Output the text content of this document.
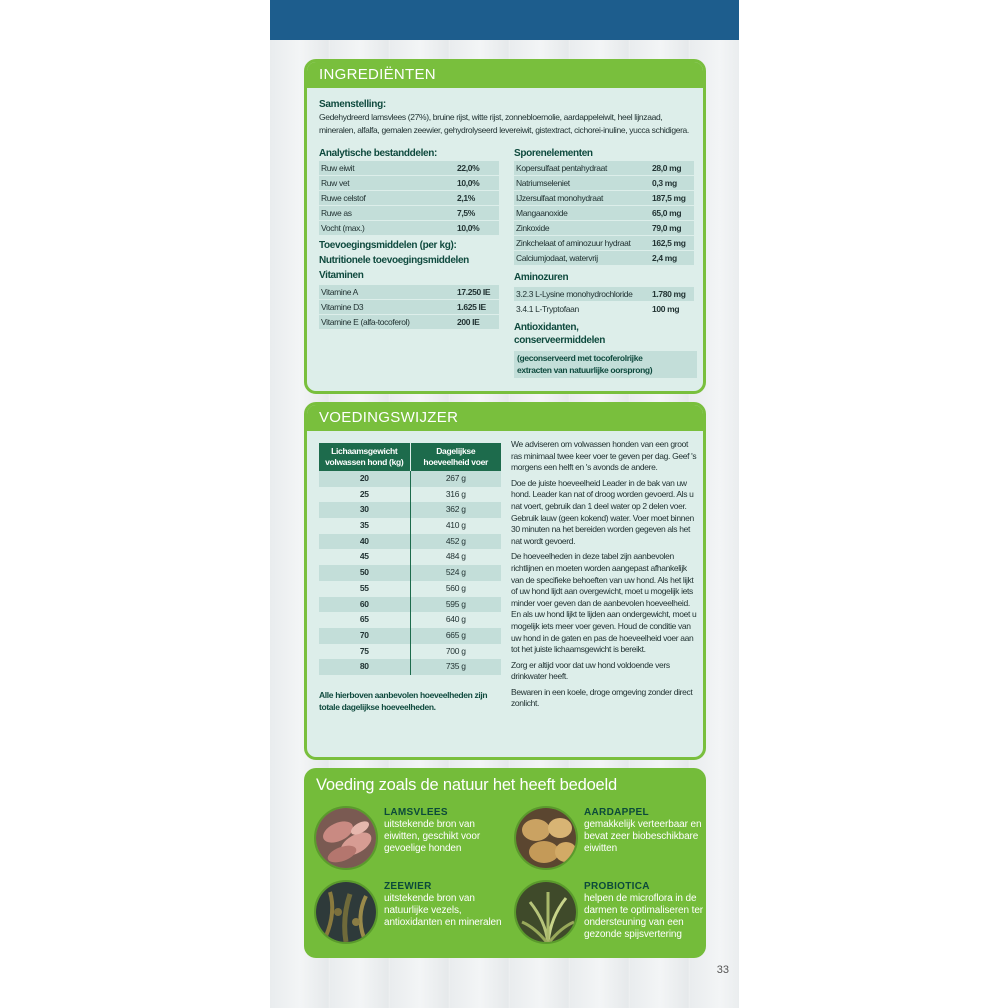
INGREDIËNTEN
Samenstelling:
Gedehydreerd lamsvlees (27%), bruine rijst, witte rijst, zonnebloemolie, aardappeleiwit, heel lijnzaad, mineralen, alfalfa, gemalen zeewier, gehydrolyseerd levereiwit, gistextract, cichorei-inuline, yucca schidigera.
Analytische bestanddelen:
Ruw eiwit	22,0%
Ruw vet	10,0%
Ruwe celstof	2,1%
Ruwe as	7,5%
Vocht (max.)	10,0%
Toevoegingsmiddelen (per kg):
Nutritionele toevoegingsmiddelen
Vitaminen
Vitamine A	17.250 IE
Vitamine D3	1.625 IE
Vitamine E (alfa-tocoferol)	200 IE
Sporenelementen
Kopersulfaat pentahydraat	28,0 mg
Natriumseleniet	0,3 mg
IJzersulfaat monohydraat	187,5 mg
Mangaanoxide	65,0 mg
Zinkoxide	79,0 mg
Zinkchelaat of aminozuur hydraat	162,5 mg
Calciumjodaat, watervrij	2,4 mg
Aminozuren
3.2.3 L-Lysine monohydrochloride	1.780 mg
3.4.1 L-Tryptofaan	100 mg
Antioxidanten,
conserveermiddelen
(geconserveerd met tocoferolrijke
extracten van natuurlijke oorsprong)
VOEDINGSWIJZER
Lichaamsgewicht
volwassen hond (kg)
Dagelijkse
hoeveelheid voer
20	267 g
25	316 g
30	362 g
35	410 g
40	452 g
45	484 g
50	524 g
55	560 g
60	595 g
65	640 g
70	665 g
75	700 g
80	735 g
Alle hierboven aanbevolen hoeveelheden zijn totale dagelijkse hoeveelheden.

We adviseren om volwassen honden van een groot ras minimaal twee keer voer te geven per dag. Geef 's morgens een helft en 's avonds de andere.

Doe de juiste hoeveelheid Leader in de bak van uw hond. Leader kan nat of droog worden gevoerd. Als u nat voert, gebruik dan 1 deel water op 2 delen voer. Gebruik lauw (geen kokend) water. Voer moet binnen 30 minuten na het bereiden worden gegeven als het nat wordt gevoerd.

De hoeveelheden in deze tabel zijn aanbevolen richtlijnen en moeten worden aangepast afhankelijk van de specifieke behoeften van uw hond. Als het lijkt of uw hond lijdt aan overgewicht, moet u mogelijk iets minder voer geven dan de aanbevolen hoeveelheid. En als uw hond lijkt te lijden aan ondergewicht, moet u mogelijk iets meer voer geven. Houd de conditie van uw hond in de gaten en pas de hoeveelheid voer aan tot het juiste lichaamsgewicht is bereikt.

Zorg er altijd voor dat uw hond voldoende vers drinkwater heeft.

Bewaren in een koele, droge omgeving zonder direct zonlicht.

Voeding zoals de natuur het heeft bedoeld
LAMSVLEES
uitstekende bron van eiwitten, geschikt voor gevoelige honden
AARDAPPEL
gemakkelijk verteerbaar en bevat zeer biobeschikbare eiwitten
ZEEWIER
uitstekende bron van natuurlijke vezels, antioxidanten en mineralen
PROBIOTICA
helpen de microflora in de darmen te optimaliseren ter ondersteuning van een gezonde spijsvertering
33
